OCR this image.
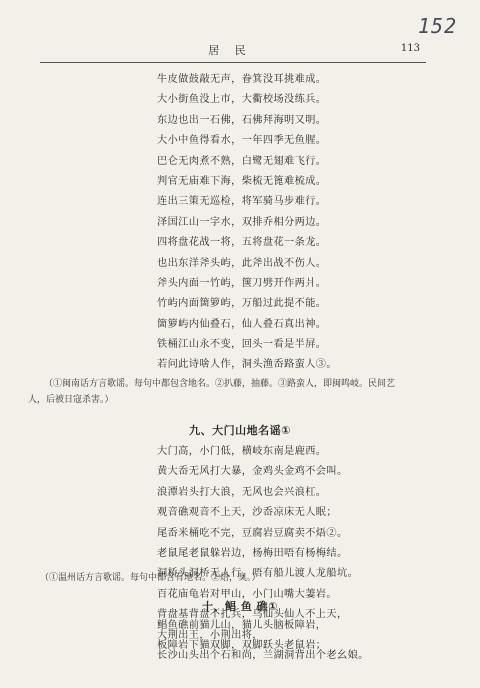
152
居 民	113
牛皮做鼓敲无声，眷箕没耳挑难成。
大小街鱼没上市，大衢校场没练兵。
东边也出一石佛，石佛拜海明又明。
大小中鱼得看水，一年四季无鱼腥。
巴仑无肉煮不熟，白鹭无翅难飞行。
判官无庙难下海，柴梳无篦难梳成。
连出三策无巡检，将军骑马步难行。
泽国江山一字水，双排乔相分两边。
四将盘花战一将，五将盘花一条龙。
也出东洋斧头屿，此斧出战不伤人。
斧头内面一竹屿，箧刀劈开作两爿。
竹屿内面箇箩屿，万船过此提不能。
箇箩屿内仙叠石，仙人叠石真出神。
铁桶江山永不变，回头一看是半屏。
若问此诗啥人作，洞头渔岙路蛮人③。
（①闽南话方言歌谣。每句中都包含地名。②扒藤，抽藤。③路蛮人，即闽鸣岐。民间艺
人，后被日寇杀害。）
九、大门山地名谣①
大门高，小门低，横岐东南是鹿西。
黄大岙无风打大暴，金鸡头金鸡不会叫。
浪潭岩头打大浪，无风也会兴浪杠。
观音礁观音不上天，沙岙凉床无人眠；
尾岙米桶吃不完，豆腐岩豆腐卖不焐②。
老鼠尾老鼠躲岩边，杨梅田唔有杨梅结。
洞桥头洞桥无人行，唔有船儿渡人龙船坑。
百花庙龟岩对甲山，小门山嘴大萋岩。
背盘基背盘不扎兵，乌仙头仙人不上天，
大荆出王，小荆出将，
长沙山头出个石和尚，兰湖洞背出个老幺娘。
（①温州话方言歌谣。每句中都含有地名。②焐，臭。）
十、鲳 鱼 礁①
鲳鱼礁前猫儿山，猫儿头脑板障岩，
板障岩下猫双脚，双脚跃头老鼠岩；
